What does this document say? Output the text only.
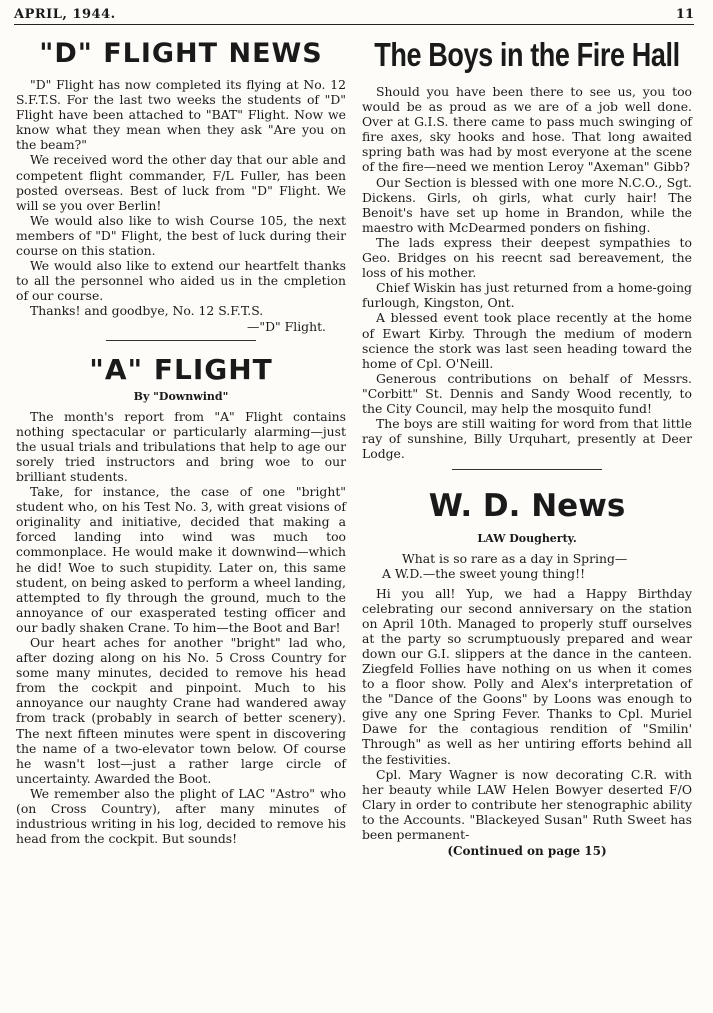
APRIL, 1944.	11
"D" FLIGHT NEWS

"D" Flight has now completed its flying at No. 12 S.F.T.S. For the last two weeks the students of "D" Flight have been attached to "BAT" Flight. Now we know what they mean when they ask "Are you on the beam?"

We received word the other day that our able and competent flight commander, F/L Fuller, has been posted overseas. Best of luck from "D" Flight. We will se you over Berlin!

We would also like to wish Course 105, the next members of "D" Flight, the best of luck during their course on this station.

We would also like to extend our heartfelt thanks to all the personnel who aided us in the cmpletion of our course.

Thanks! and goodbye, No. 12 S.F.T.S.

—"D" Flight.

"A" FLIGHT
By "Downwind"

The month's report from "A" Flight contains nothing spectacular or particularly alarming—just the usual trials and tribulations that help to age our sorely tried instructors and bring woe to our brilliant students.

Take, for instance, the case of one "bright" student who, on his Test No. 3, with great visions of originality and initiative, decided that making a forced landing into wind was much too commonplace. He would make it downwind—which he did! Woe to such stupidity. Later on, this same student, on being asked to perform a wheel landing, attempted to fly through the ground, much to the annoyance of our exasperated testing officer and our badly shaken Crane. To him—the Boot and Bar!

Our heart aches for another "bright" lad who, after dozing along on his No. 5 Cross Country for some many minutes, decided to remove his head from the cockpit and pinpoint. Much to his annoyance our naughty Crane had wandered away from track (probably in search of better scenery). The next fifteen minutes were spent in discovering the name of a two-elevator town below. Of course he wasn't lost—just a rather large circle of uncertainty. Awarded the Boot.

We remember also the plight of LAC "Astro" who (on Cross Country), after many minutes of industrious writing in his log, decided to remove his head from the cockpit. But sounds!

The Boys in the Fire Hall

Should you have been there to see us, you too would be as proud as we are of a job well done. Over at G.I.S. there came to pass much swinging of fire axes, sky hooks and hose. That long awaited spring bath was had by most everyone at the scene of the fire—need we mention Leroy "Axeman" Gibb?

Our Section is blessed with one more N.C.O., Sgt. Dickens. Girls, oh girls, what curly hair! The Benoit's have set up home in Brandon, while the maestro with McDearmed ponders on fishing.

The lads express their deepest sympathies to Geo. Bridges on his reecnt sad bereavement, the loss of his mother.

Chief Wiskin has just returned from a home-going furlough, Kingston, Ont.

A blessed event took place recently at the home of Ewart Kirby. Through the medium of modern science the stork was last seen heading toward the home of Cpl. O'Neill.

Generous contributions on behalf of Messrs. "Corbitt" St. Dennis and Sandy Wood recently, to the City Council, may help the mosquito fund!

The boys are still waiting for word from that little ray of sunshine, Billy Urquhart, presently at Deer Lodge.

W. D. News
LAW Dougherty.
What is so rare as a day in Spring—
A W.D.—the sweet young thing!!

Hi you all! Yup, we had a Happy Birthday celebrating our second anniversary on the station on April 10th. Managed to properly stuff ourselves at the party so scrumptuously prepared and wear down our G.I. slippers at the dance in the canteen. Ziegfeld Follies have nothing on us when it comes to a floor show. Polly and Alex's interpretation of the "Dance of the Goons" by Loons was enough to give any one Spring Fever. Thanks to Cpl. Muriel Dawe for the contagious rendition of "Smilin' Through" as well as her untiring efforts behind all the festivities.

Cpl. Mary Wagner is now decorating C.R. with her beauty while LAW Helen Bowyer deserted F/O Clary in order to contribute her stenographic ability to the Accounts. "Blackeyed Susan" Ruth Sweet has been permanent-

(Continued on page 15)
